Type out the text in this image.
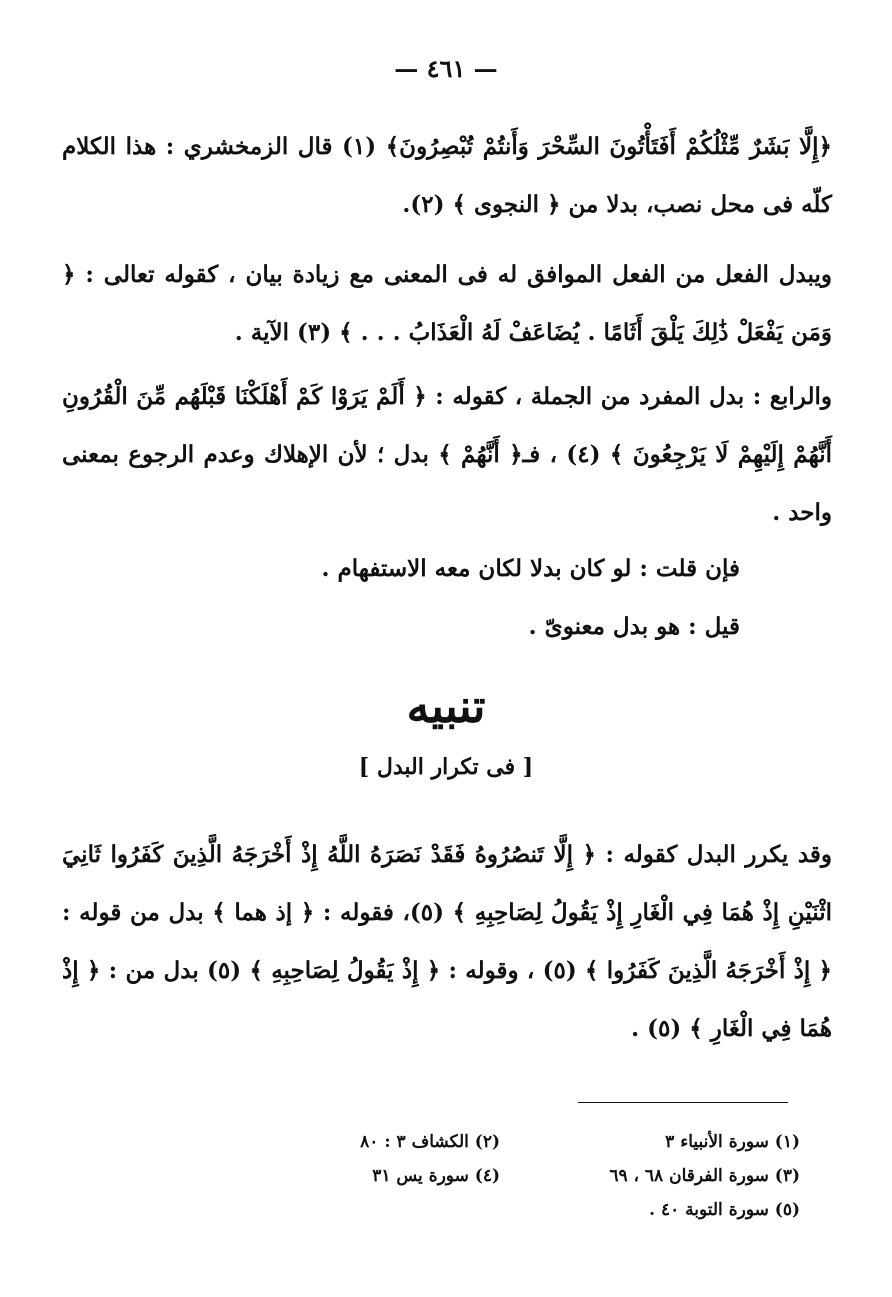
— ٤٦١ —

﴿إِلَّا بَشَرٌ مِّثْلُكُمْ أَفَتَأْتُونَ السِّحْرَ وَأَنتُمْ تُبْصِرُونَ﴾ (١) قال الزمخشري : هذا الكلام كلّه فى محل نصب، بدلا من ﴿ النجوى ﴾ (٢).

ويبدل الفعل من الفعل الموافق له فى المعنى مع زيادة بيان ، كقوله تعالى : ﴿ وَمَن يَفْعَلْ ذَٰلِكَ يَلْقَ أَثَامًا . يُضَاعَفْ لَهُ الْعَذَابُ . . . ﴾ (٣) الآية .

والرابع : بدل المفرد من الجملة ، كقوله : ﴿ أَلَمْ يَرَوْا كَمْ أَهْلَكْنَا قَبْلَهُم مِّنَ الْقُرُونِ أَنَّهُمْ إِلَيْهِمْ لَا يَرْجِعُونَ ﴾ (٤) ، فـ﴿ أَنَّهُمْ ﴾ بدل ؛ لأن الإهلاك وعدم الرجوع بمعنى واحد .

فإن قلت : لو كان بدلا لكان معه الاستفهام .

قيل : هو بدل معنوىّ .

تنبيه
[ فى تكرار البدل ]

وقد يكرر البدل كقوله : ﴿ إِلَّا تَنصُرُوهُ فَقَدْ نَصَرَهُ اللَّهُ إِذْ أَخْرَجَهُ الَّذِينَ كَفَرُوا ثَانِيَ اثْنَيْنِ إِذْ هُمَا فِي الْغَارِ إِذْ يَقُولُ لِصَاحِبِهِ ﴾ (٥)، فقوله : ﴿ إذ هما ﴾ بدل من قوله : ﴿ إِذْ أَخْرَجَهُ الَّذِينَ كَفَرُوا ﴾ (٥) ، وقوله : ﴿ إِذْ يَقُولُ لِصَاحِبِهِ ﴾ (٥) بدل من : ﴿ إِذْ هُمَا فِي الْغَارِ ﴾ (٥) .

(١) سورة الأنبياء ٣
(٢) الكشاف ٣ : ٨٠
(٣) سورة الفرقان ٦٨ ، ٦٩
(٤) سورة يس ٣١
(٥) سورة التوبة ٤٠ .
